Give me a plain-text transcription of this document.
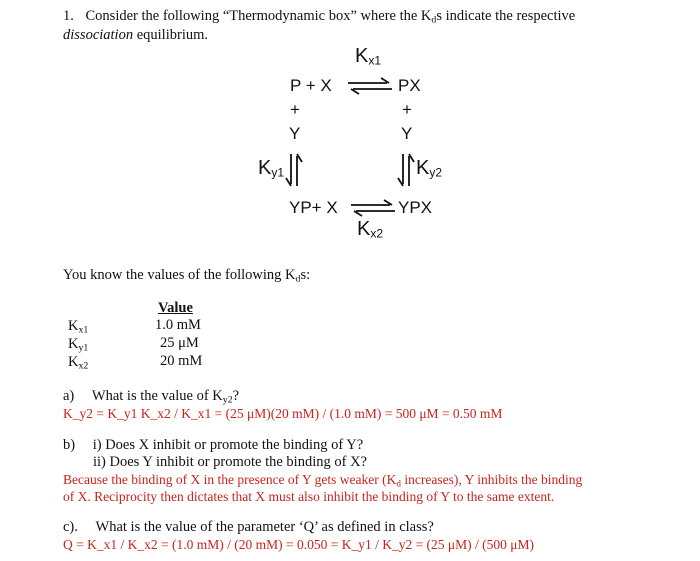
1. Consider the following “Thermodynamic box” where the $K_ds$ indicate the respective
dissociation equilibrium.
$K_{x1}$
P + X	PX
+
Y
+
Y
$K_{y1}$	$K_{y2}$
YP+ X	YPX
$K_{x2}$
You know the values of the following $K_ds$:
Value
$K_{x1}$	1.0 mM
$K_{y1}$	25 μM
$K_{x2}$	20 mM
a) What is the value of $K_{y2}$?
K_y2 = K_y1 K_x2 / K_x1 = (25 μM)(20 mM) / (1.0 mM) = 500 μM = 0.50 mM
b) i) Does X inhibit or promote the binding of Y?
ii) Does Y inhibit or promote the binding of X?
Because the binding of X in the presence of Y gets weaker ($K_d$ increases), Y inhibits the binding
of X. Reciprocity then dictates that X must also inhibit the binding of Y to the same extent.
c). What is the value of the parameter ‘Q’ as defined in class?
Q = K_x1 / K_x2 = (1.0 mM) / (20 mM) = 0.050 = K_y1 / K_y2 = (25 μM) / (500 μM)
